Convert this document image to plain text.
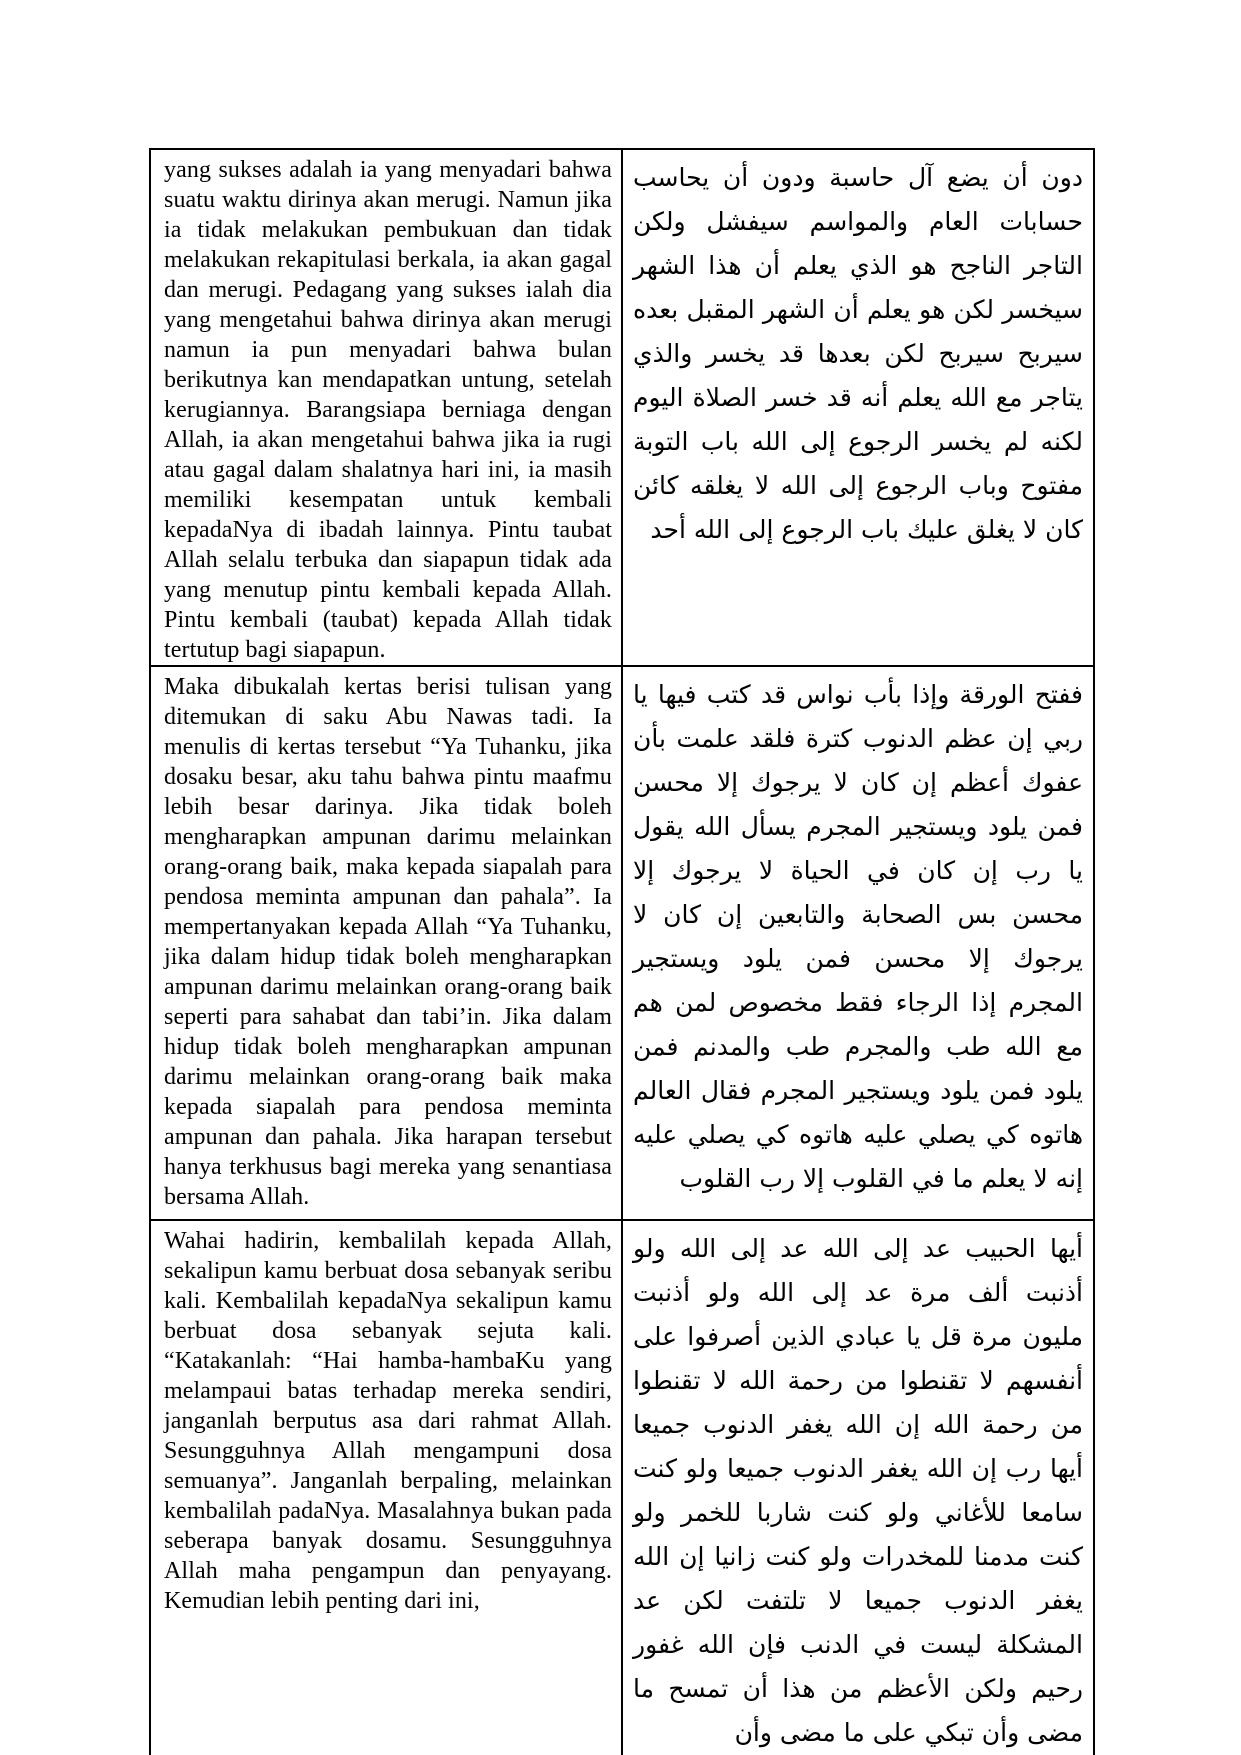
yang sukses adalah ia yang menyadari bahwa suatu waktu dirinya akan merugi. Namun jika ia tidak melakukan pembukuan dan tidak melakukan rekapitulasi berkala, ia akan gagal dan merugi. Pedagang yang sukses ialah dia yang mengetahui bahwa dirinya akan merugi namun ia pun menyadari bahwa bulan berikutnya kan mendapatkan untung, setelah kerugiannya. Barangsiapa berniaga dengan Allah, ia akan mengetahui bahwa jika ia rugi atau gagal dalam shalatnya hari ini, ia masih memiliki kesempatan untuk kembali kepadaNya di ibadah lainnya. Pintu taubat Allah selalu terbuka dan siapapun tidak ada yang menutup pintu kembali kepada Allah. Pintu kembali (taubat) kepada Allah tidak tertutup bagi siapapun.	دون أن يضع آل حاسبة ودون أن يحاسب حسابات العام والمواسم سيفشل ولكن التاجر الناجح هو الذي يعلم أن هذا الشهر سيخسر لكن هو يعلم أن الشهر المقبل بعده سيربح سيربح لكن بعدها قد يخسر والذي يتاجر مع الله يعلم أنه قد خسر الصلاة اليوم لكنه لم يخسر الرجوع إلى الله باب التوبة مفتوح وباب الرجوع إلى الله لا يغلقه كائن كان لا يغلق عليك باب الرجوع إلى الله أحد
Maka dibukalah kertas berisi tulisan yang ditemukan di saku Abu Nawas tadi. Ia menulis di kertas tersebut “Ya Tuhanku, jika dosaku besar, aku tahu bahwa pintu maafmu lebih besar darinya. Jika tidak boleh mengharapkan ampunan darimu melainkan orang-orang baik, maka kepada siapalah para pendosa meminta ampunan dan pahala”. Ia mempertanyakan kepada Allah “Ya Tuhanku, jika dalam hidup tidak boleh mengharapkan ampunan darimu melainkan orang-orang baik seperti para sahabat dan tabi’in. Jika dalam hidup tidak boleh mengharapkan ampunan darimu melainkan orang-orang baik maka kepada siapalah para pendosa meminta ampunan dan pahala. Jika harapan tersebut hanya terkhusus bagi mereka yang senantiasa bersama Allah.	ففتح الورقة وإذا بأب نواس قد كتب فيها يا ربي إن عظم الدنوب كترة فلقد علمت بأن عفوك أعظم إن كان لا يرجوك إلا محسن فمن يلود ويستجير المجرم يسأل الله يقول يا رب إن كان في الحياة لا يرجوك إلا محسن بس الصحابة والتابعين إن كان لا يرجوك إلا محسن فمن يلود ويستجير المجرم إذا الرجاء فقط مخصوص لمن هم مع الله طب والمجرم طب والمدنم فمن يلود فمن يلود ويستجير المجرم فقال العالم هاتوه كي يصلي عليه هاتوه كي يصلي عليه إنه لا يعلم ما في القلوب إلا رب القلوب
Wahai hadirin, kembalilah kepada Allah, sekalipun kamu berbuat dosa sebanyak seribu kali. Kembalilah kepadaNya sekalipun kamu berbuat dosa sebanyak sejuta kali. “Katakanlah: “Hai hamba-hambaKu yang melampaui batas terhadap mereka sendiri, janganlah berputus asa dari rahmat Allah. Sesungguhnya Allah mengampuni dosa semuanya”. Janganlah berpaling, melainkan kembalilah padaNya. Masalahnya bukan pada seberapa banyak dosamu. Sesungguhnya Allah maha pengampun dan penyayang. Kemudian lebih penting dari ini,	أيها الحبيب عد إلى الله عد إلى الله ولو أذنبت ألف مرة عد إلى الله ولو أذنبت مليون مرة قل يا عبادي الذين أصرفوا على أنفسهم لا تقنطوا من رحمة الله لا تقنطوا من رحمة الله إن الله يغفر الدنوب جميعا أيها رب إن الله يغفر الدنوب جميعا ولو كنت سامعا للأغاني ولو كنت شاربا للخمر ولو كنت مدمنا للمخدرات ولو كنت زانيا إن الله يغفر الدنوب جميعا لا تلتفت لكن عد المشكلة ليست في الدنب فإن الله غفور رحيم ولكن الأعظم من هذا أن تمسح ما مضى وأن تبكي على ما مضى وأن
